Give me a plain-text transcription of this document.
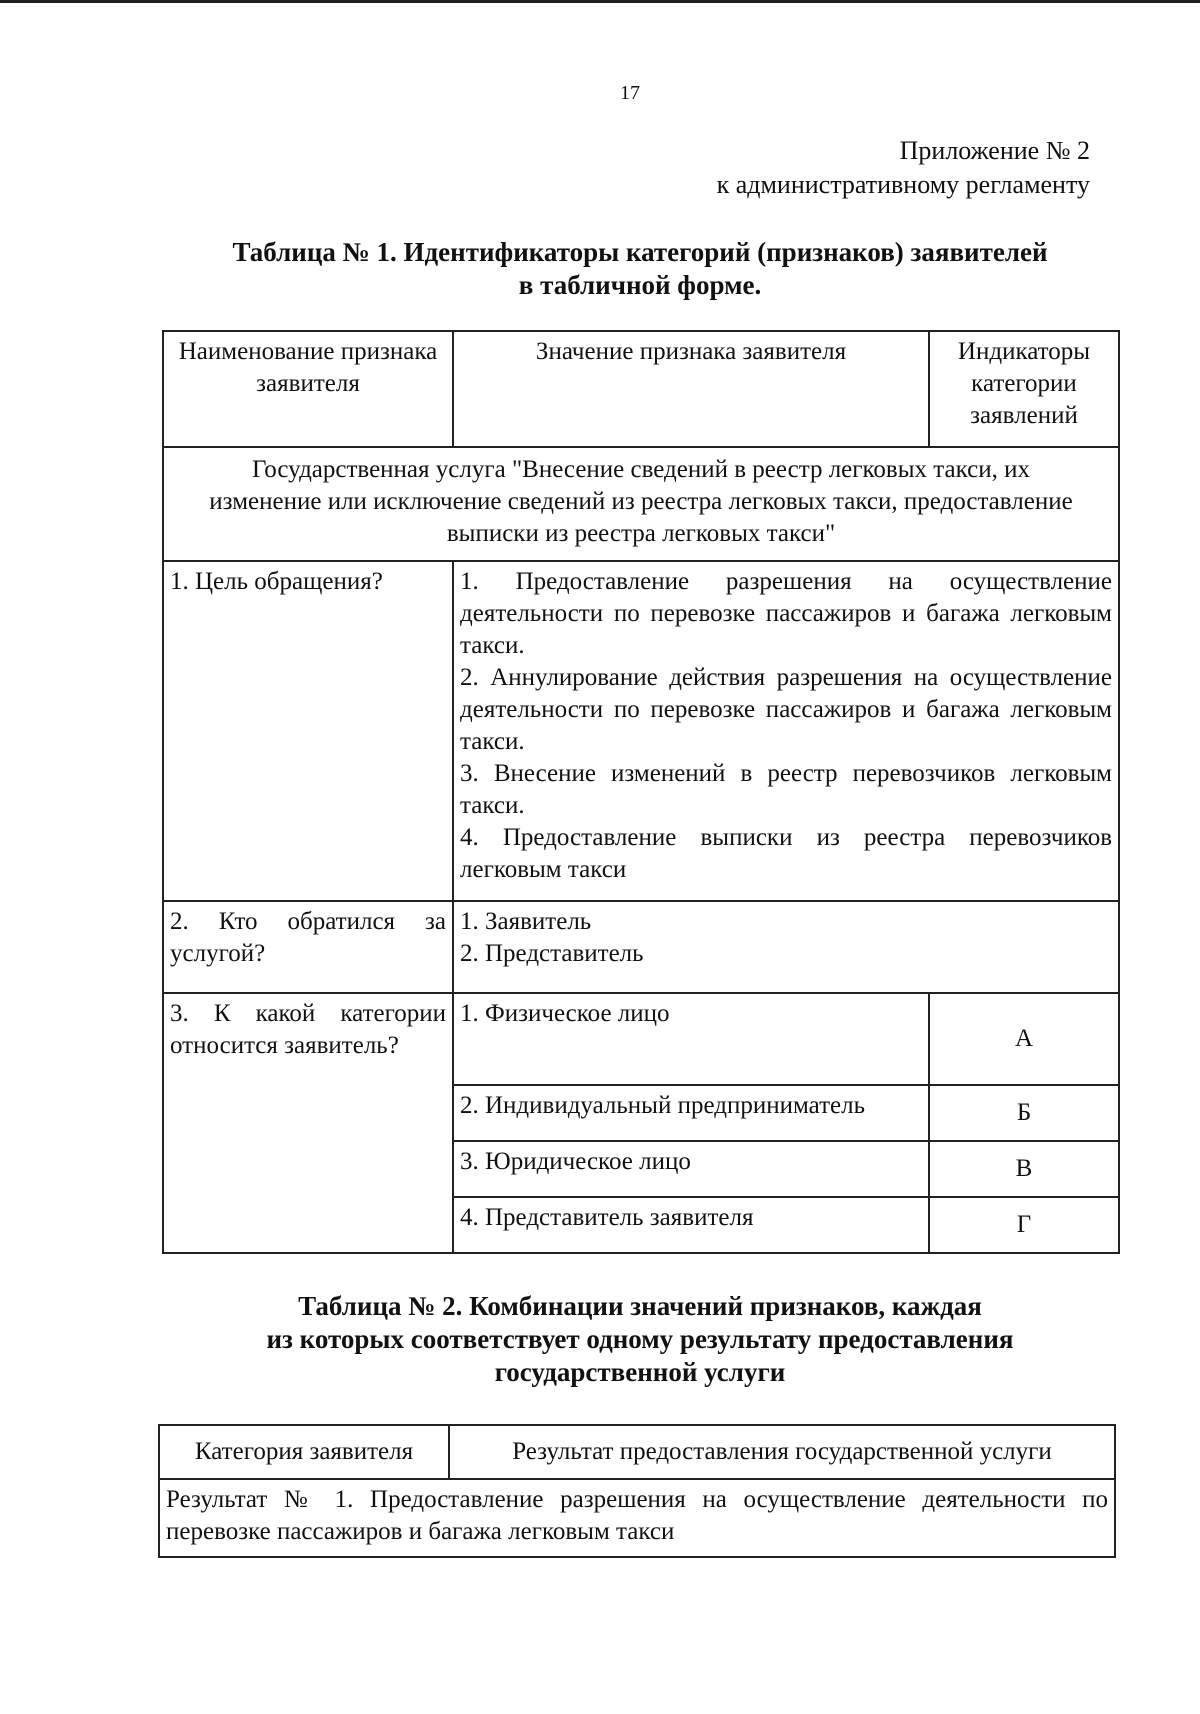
17
Приложение № 2
к административному регламенту
Таблица № 1. Идентификаторы категорий (признаков) заявителей
в табличной форме.
Наименование признака заявителя	Значение признака заявителя	Индикаторы категории заявлений
Государственная услуга "Внесение сведений в реестр легковых такси, их изменение или исключение сведений из реестра легковых такси, предоставление выписки из реестра легковых такси"		
1. Цель обращения?	1. Предоставление разрешения на осуществление деятельности по перевозке пассажиров и багажа легковым такси.

2. Аннулирование действия разрешения на осуществление деятельности по перевозке пассажиров и багажа легковым такси.

3. Внесение изменений в реестр перевозчиков легковым такси.

4. Предоставление выписки из реестра перевозчиков легковым такси	

2. Кто обратился за услугой?	1. Заявитель

2. Представитель	

3. К какой категории относится заявитель?	1. Физическое лицо	А
	2. Индивидуальный предприниматель	Б
	3. Юридическое лицо	В
	4. Представитель заявителя	Г
Таблица № 2. Комбинации значений признаков, каждая
из которых соответствует одному результату предоставления
государственной услуги
Категория заявителя	Результат предоставления государственной услуги
Результат № 1. Предоставление разрешения на осуществление деятельности по перевозке пассажиров и багажа легковым такси
